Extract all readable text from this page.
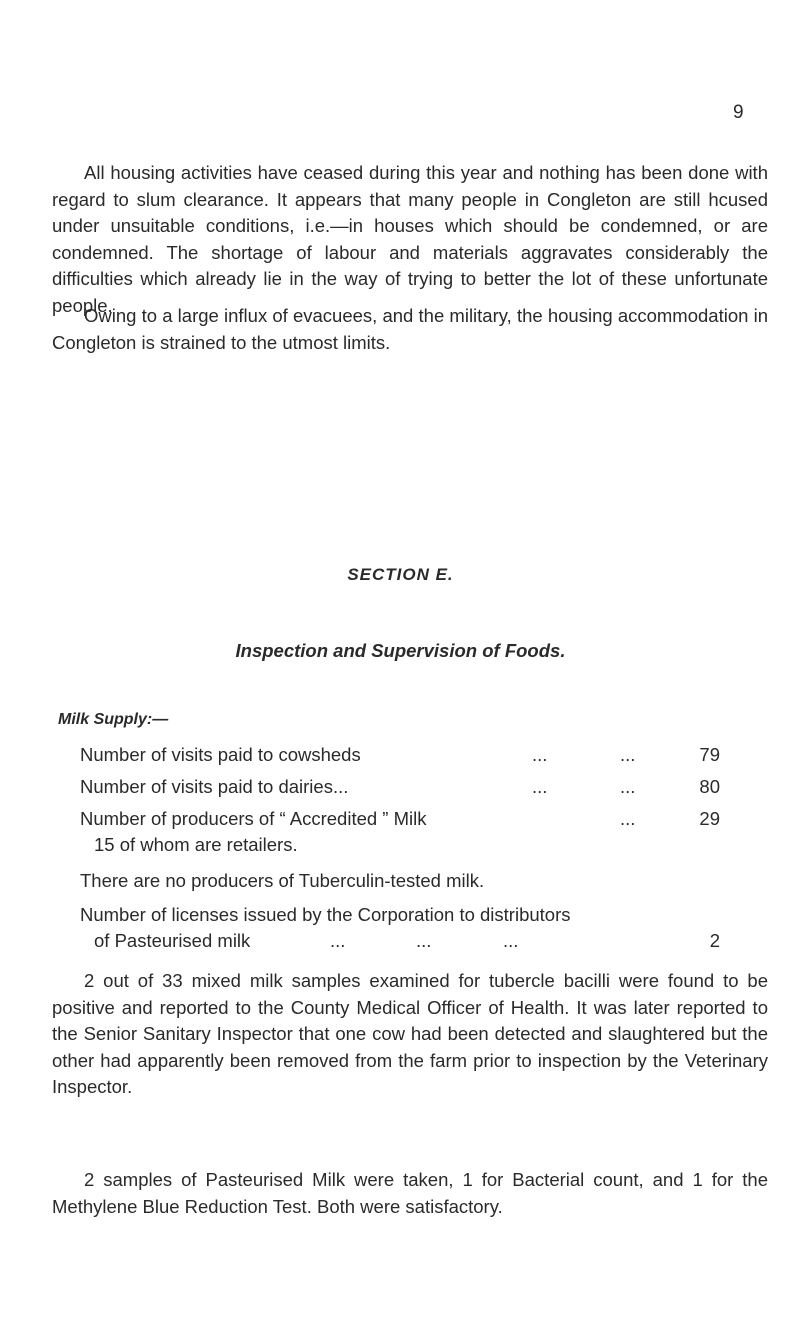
9

All housing activities have ceased during this year and nothing has been done with regard to slum clearance. It appears that many people in Congleton are still hcused under unsuitable conditions, i.e.—in houses which should be condemned, or are condemned. The shortage of labour and materials aggravates considerably the difficulties which already lie in the way of trying to better the lot of these unfortunate people.

Owing to a large influx of evacuees, and the military, the housing accommodation in Congleton is strained to the utmost limits.

SECTION E.
Inspection and Supervision of Foods.
Milk Supply:—
Number of visits paid to cowsheds	...	...	79
Number of visits paid to dairies...	...	...	80
Number of producers of “ Accredited ” Milk	...	29
15 of whom are retailers.
There are no producers of Tuberculin-tested milk.
Number of licenses issued by the Corporation to distributors
of Pasteurised milk	...	...	...	2

2 out of 33 mixed milk samples examined for tubercle bacilli were found to be positive and reported to the County Medical Officer of Health. It was later reported to the Senior Sanitary Inspector that one cow had been detected and slaughtered but the other had apparently been removed from the farm prior to inspection by the Veterinary Inspector.

2 samples of Pasteurised Milk were taken, 1 for Bacterial count, and 1 for the Methylene Blue Reduction Test. Both were satisfactory.
